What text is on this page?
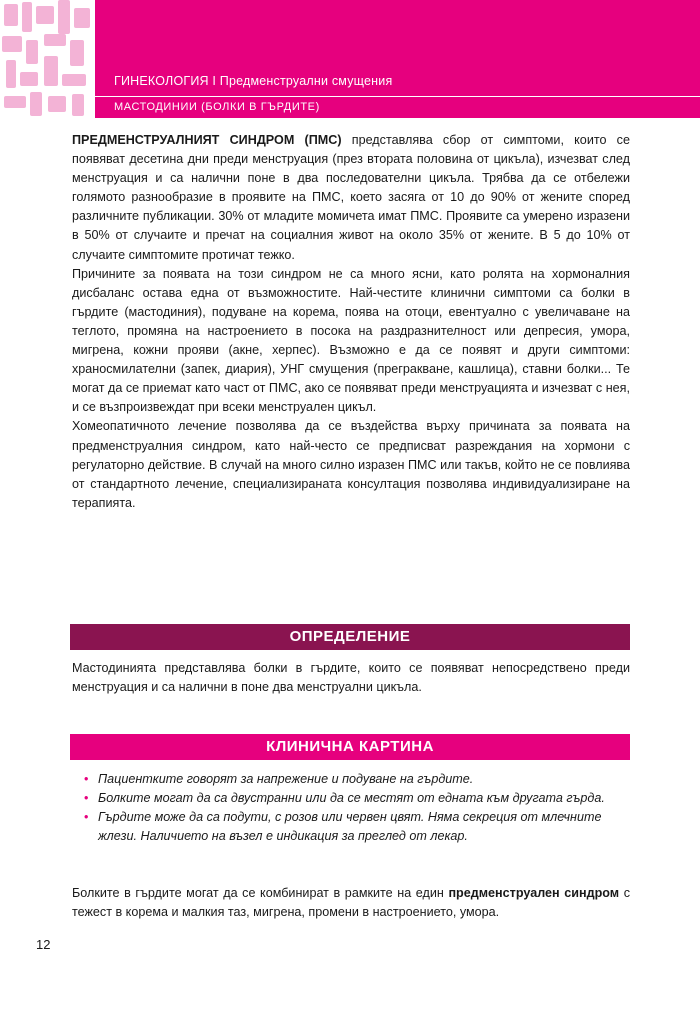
ГИНЕКОЛОГИЯ I Предменструални смущения
МАСТОДИНИИ (БОЛКИ В ГЪРДИТЕ)

ПРЕДМЕНСТРУАЛНИЯТ СИНДРОМ (ПМС) представлява сбор от симптоми, които се появяват десетина дни преди менструация (през втората половина от цикъла), изчезват след менструация и са налични поне в два последователни цикъла. Трябва да се отбележи голямото разнообразие в проявите на ПМС, което засяга от 10 до 90% от жените според различните публикации. 30% от младите момичета имат ПМС. Проявите са умерено изразени в 50% от случаите и пречат на социалния живот на около 35% от жените. В 5 до 10% от случаите симптомите протичат тежко.

Причините за появата на този синдром не са много ясни, като ролята на хормоналния дисбаланс остава една от възможностите. Най-честите клинични симптоми са болки в гърдите (мастодиния), подуване на корема, поява на отоци, евентуално с увеличаване на теглото, промяна на настроението в посока на раздразнителност или депресия, умора, мигрена, кожни прояви (акне, херпес). Възможно е да се появят и други симптоми: храносмилателни (запек, диария), УНГ смущения (прегракване, кашлица), ставни болки... Те могат да се приемат като част от ПМС, ако се появяват преди менструацията и изчезват с нея, и се възпроизвеждат при всеки менструален цикъл.

Хомеопатичното лечение позволява да се въздейства върху причината за появата на предменструалния синдром, като най-често се предписват разреждания на хормони с регулаторно действие. В случай на много силно изразен ПМС или такъв, който не се повлиява от стандартното лечение, специализираната консултация позволява индивидуализиране на терапията.

ОПРЕДЕЛЕНИЕ
Мастодинията представлява болки в гърдите, които се появяват непосредствено преди менструация и са налични в поне два менструални цикъла.
КЛИНИЧНА КАРТИНА
• Пациентките говорят за напрежение и подуване на гърдите.
• Болките могат да са двустранни или да се местят от едната към другата гърда.
• Гърдите може да са подути, с розов или червен цвят. Няма секреция от млечните жлези. Наличието на възел е индикация за преглед от лекар.
Болките в гърдите могат да се комбинират в рамките на един предменструален синдром с тежест в корема и малкия таз, мигрена, промени в настроението, умора.
12
